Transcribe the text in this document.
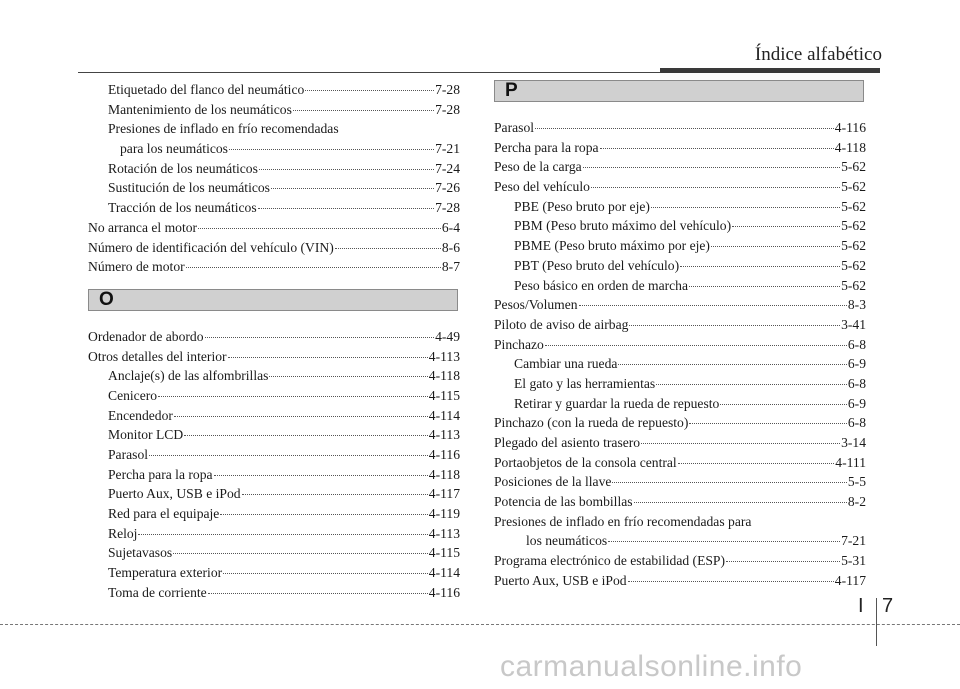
Índice alfabético
Etiquetado del flanco del neumático	7-28
Mantenimiento de los neumáticos	7-28
Presiones de inflado en frío recomendadas
para los neumáticos	7-21
Rotación de los neumáticos	7-24
Sustitución de los neumáticos	7-26
Tracción de los neumáticos	7-28
No arranca el motor	6-4
Número de identificación del vehículo (VIN)	8-6
Número de motor	8-7
O
Ordenador de abordo	4-49
Otros detalles del interior	4-113
Anclaje(s) de las alfombrillas	4-118
Cenicero	4-115
Encendedor	4-114
Monitor LCD	4-113
Parasol	4-116
Percha para la ropa	4-118
Puerto Aux, USB e iPod	4-117
Red para el equipaje	4-119
Reloj	4-113
Sujetavasos	4-115
Temperatura exterior	4-114
Toma de corriente	4-116
P
Parasol	4-116
Percha para la ropa	4-118
Peso de la carga	5-62
Peso del vehículo	5-62
PBE (Peso bruto por eje)	5-62
PBM (Peso bruto máximo del vehículo)	5-62
PBME (Peso bruto máximo por eje)	5-62
PBT (Peso bruto del vehículo)	5-62
Peso básico en orden de marcha	5-62
Pesos/Volumen	8-3
Piloto de aviso de airbag	3-41
Pinchazo	6-8
Cambiar una rueda	6-9
El gato y las herramientas	6-8
Retirar y guardar la rueda de repuesto	6-9
Pinchazo (con la rueda de repuesto)	6-8
Plegado del asiento trasero	3-14
Portaobjetos de la consola central	4-111
Posiciones de la llave	5-5
Potencia de las bombillas	8-2
Presiones de inflado en frío recomendadas para
los neumáticos	7-21
Programa electrónico de estabilidad (ESP)	5-31
Puerto Aux, USB e iPod	4-117
I 7
carmanualsonline.info
